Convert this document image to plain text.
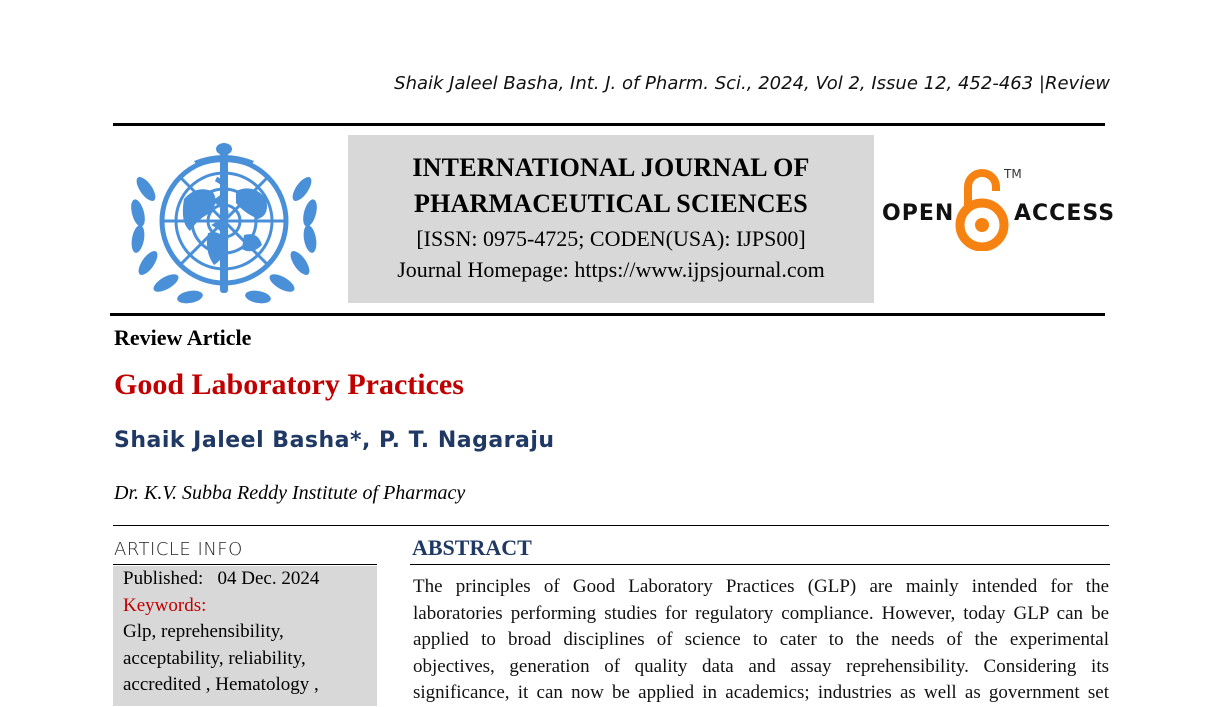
Shaik Jaleel Basha, Int. J. of Pharm. Sci., 2024, Vol 2, Issue 12, 452-463 |Review
INTERNATIONAL JOURNAL OF
PHARMACEUTICAL SCIENCES
[ISSN: 0975-4725; CODEN(USA): IJPS00]
Journal Homepage: https://www.ijpsjournal.com
OPEN
TM
ACCESS
Review Article
Good Laboratory Practices
Shaik Jaleel Basha*, P. T. Nagaraju
Dr. K.V. Subba Reddy Institute of Pharmacy
ARTICLE INFO
Published: 04 Dec. 2024
Keywords:
Glp, reprehensibility,
acceptability, reliability,
accredited , Hematology ,
ABSTRACT
The principles of Good Laboratory Practices (GLP) are mainly intended for the
laboratories performing studies for regulatory compliance. However, today GLP can be
applied to broad disciplines of science to cater to the needs of the experimental
objectives, generation of quality data and assay reprehensibility. Considering its
significance, it can now be applied in academics; industries as well as government set
